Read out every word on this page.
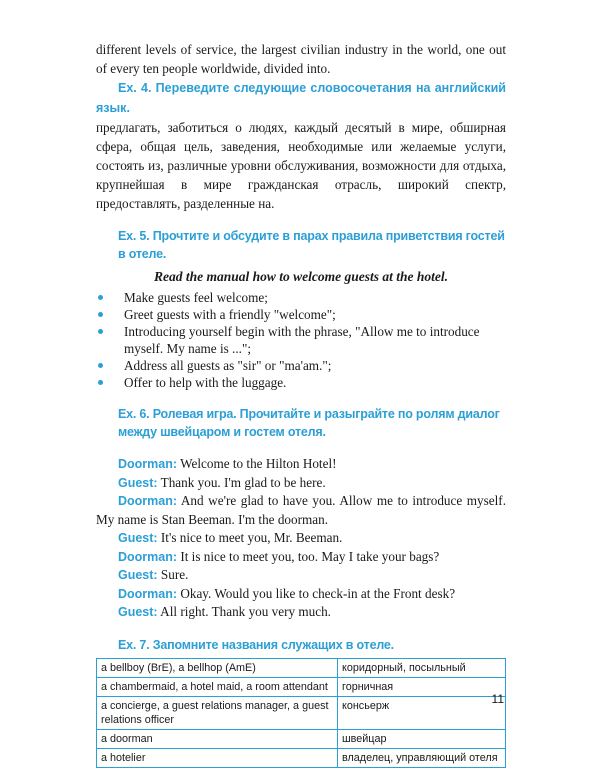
different levels of service, the largest civilian industry in the world, one out of every ten people worldwide, divided into.

Ex. 4. Переведите следующие словосочетания на английский язык.
предлагать, заботиться о людях, каждый десятый в мире, обширная сфера, общая цель, заведения, необходимые или желаемые услуги, состоять из, различные уровни обслуживания, возможности для отдыха, крупнейшая в мире гражданская отрасль, широкий спектр, предоставлять, разделенные на.

Ex. 5. Прочтите и обсудите в парах правила приветствия гостей в отеле.

Read the manual how to welcome guests at the hotel.
Make guests feel welcome;
Greet guests with a friendly "welcome";
Introducing yourself begin with the phrase, "Allow me to introduce myself. My name is ...";
Address all guests as "sir" or "ma'am.";
Offer to help with the luggage.

Ex. 6. Ролевая игра. Прочитайте и разыграйте по ролям диалог между швейцаром и гостем отеля.

Doorman: Welcome to the Hilton Hotel!

Guest: Thank you. I'm glad to be here.

Doorman: And we're glad to have you. Allow me to introduce myself. My name is Stan Beeman. I'm the doorman.

Guest: It's nice to meet you, Mr. Beeman.

Doorman: It is nice to meet you, too. May I take your bags?

Guest: Sure.

Doorman: Okay. Would you like to check-in at the Front desk?

Guest: All right. Thank you very much.

Ex. 7. Запомните названия служащих в отеле.

a bellboy (BrE), a bellhop (AmE)	коридорный, посыльный
a chambermaid, a hotel maid, a room attendant	горничная
a concierge, a guest relations manager, a guest relations officer	консьерж
a doorman	швейцар
a hotelier	владелец, управляющий отеля
11
